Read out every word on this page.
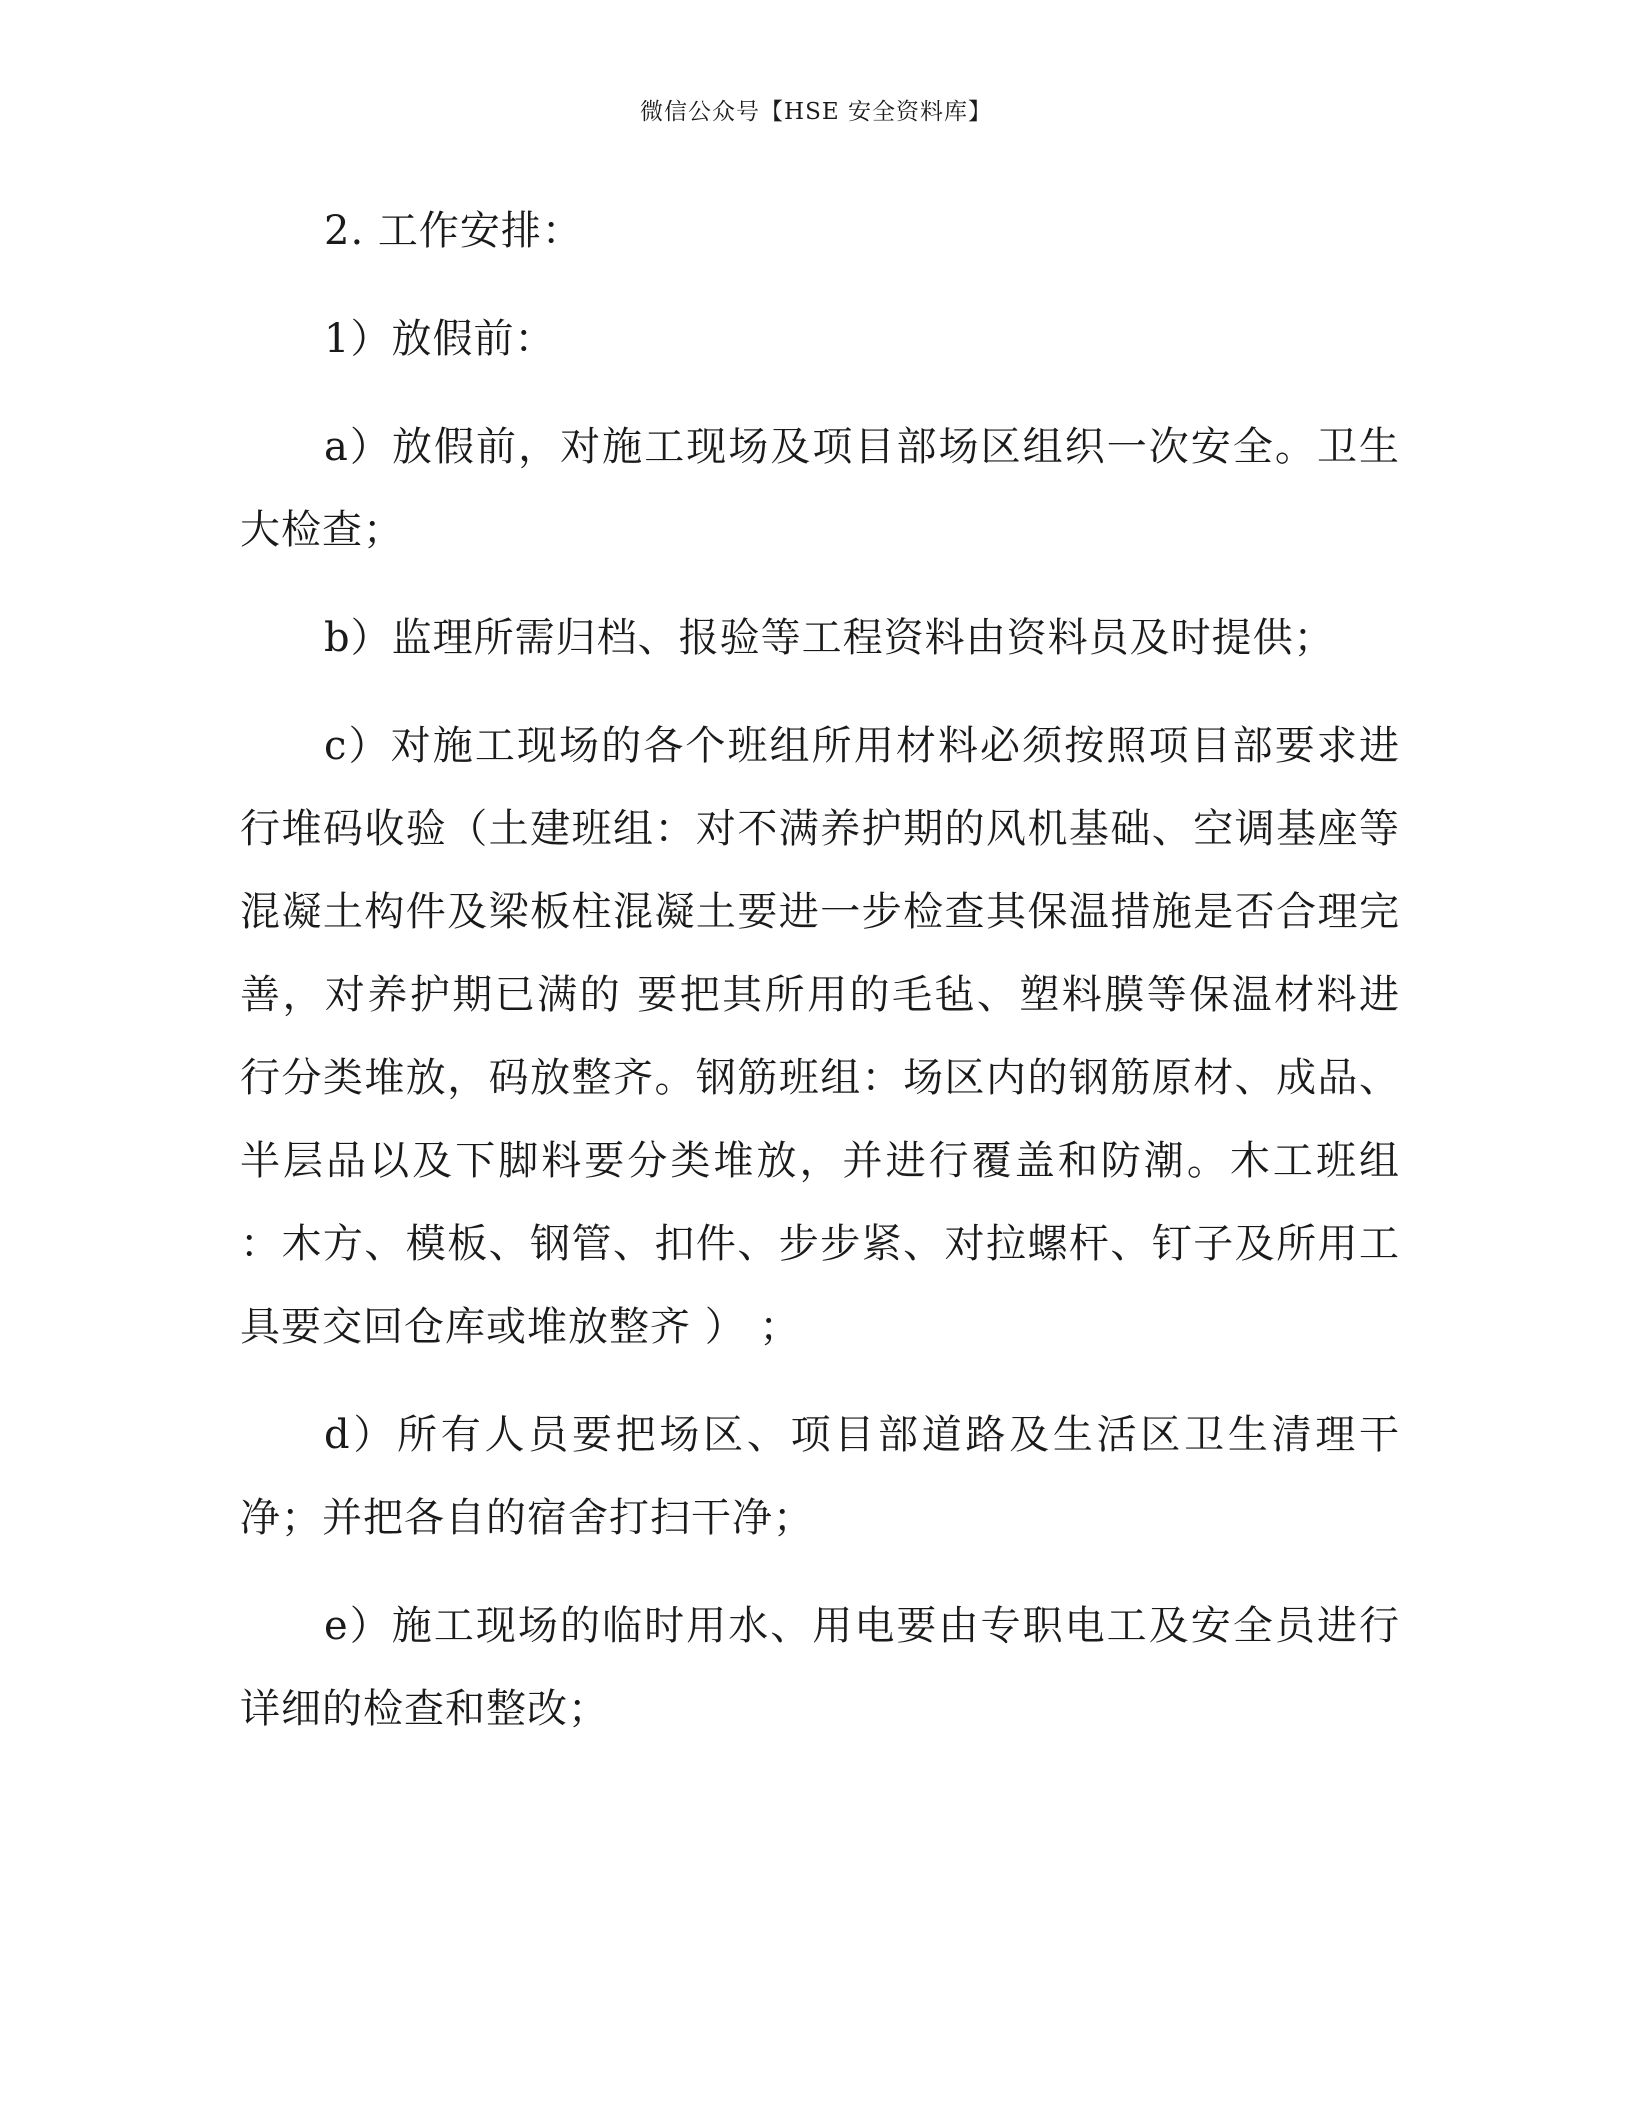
微信公众号【HSE 安全资料库】

2. 工作安排：

1）放假前：

a）放假前，对施工现场及项目部场区组织一次安全。卫生大检查；

b）监理所需归档、报验等工程资料由资料员及时提供；

c）对施工现场的各个班组所用材料必须按照项目部要求进行堆码收验（土建班组：对不满养护期的风机基础、空调基座等混凝土构件及梁板柱混凝土要进一步检查其保温措施是否合理完善，对养护期已满的 要把其所用的毛毡、塑料膜等保温材料进行分类堆放，码放整齐。钢筋班组：场区内的钢筋原材、成品、半层品以及下脚料要分类堆放，并进行覆盖和防潮。木工班组 ：木方、模板、钢管、扣件、步步紧、对拉螺杆、钉子及所用工具要交回仓库或堆放整齐 ） ；

d）所有人员要把场区、项目部道路及生活区卫生清理干净；并把各自的宿舍打扫干净；

e）施工现场的临时用水、用电要由专职电工及安全员进行详细的检查和整改；
